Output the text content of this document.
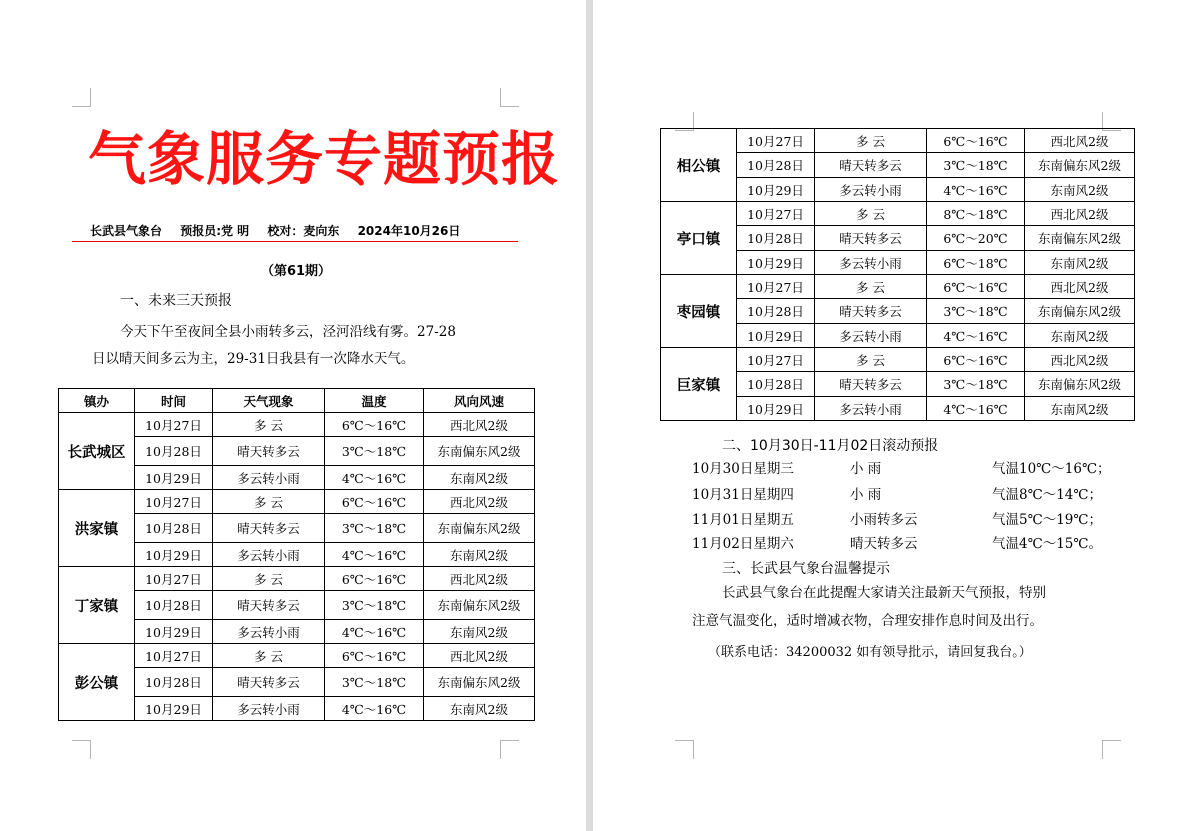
气象服务专题预报
长武县气象台 预报员:党 明 校对：麦向东 2024年10月26日
（第61期）
一、未来三天预报
今天下午至夜间全县小雨转多云，泾河沿线有雾。27-28
日以晴天间多云为主，29-31日我县有一次降水天气。
镇办	时间	天气现象	温度	风向风速
长武城区	10月27日	多 云	6℃～16℃	西北风2级
	10月28日	晴天转多云	3℃～18℃	东南偏东风2级
	10月29日	多云转小雨	4℃～16℃	东南风2级
洪家镇	10月27日	多 云	6℃～16℃	西北风2级
	10月28日	晴天转多云	3℃～18℃	东南偏东风2级
	10月29日	多云转小雨	4℃～16℃	东南风2级
丁家镇	10月27日	多 云	6℃～16℃	西北风2级
	10月28日	晴天转多云	3℃～18℃	东南偏东风2级
	10月29日	多云转小雨	4℃～16℃	东南风2级
彭公镇	10月27日	多 云	6℃～16℃	西北风2级
	10月28日	晴天转多云	3℃～18℃	东南偏东风2级
	10月29日	多云转小雨	4℃～16℃	东南风2级
相公镇	10月27日	多 云	6℃～16℃	西北风2级
	10月28日	晴天转多云	3℃～18℃	东南偏东风2级
	10月29日	多云转小雨	4℃～16℃	东南风2级
亭口镇	10月27日	多 云	8℃～18℃	西北风2级
	10月28日	晴天转多云	6℃～20℃	东南偏东风2级
	10月29日	多云转小雨	6℃～18℃	东南风2级
枣园镇	10月27日	多 云	6℃～16℃	西北风2级
	10月28日	晴天转多云	3℃～18℃	东南偏东风2级
	10月29日	多云转小雨	4℃～16℃	东南风2级
巨家镇	10月27日	多 云	6℃～16℃	西北风2级
	10月28日	晴天转多云	3℃～18℃	东南偏东风2级
	10月29日	多云转小雨	4℃～16℃	东南风2级
二、10月30日-11月02日滚动预报
10月30日星期三	小 雨	气温10℃～16℃；
10月31日星期四	小 雨	气温8℃～14℃；
11月01日星期五	小雨转多云	气温5℃～19℃；
11月02日星期六	晴天转多云	气温4℃～15℃。
三、长武县气象台温馨提示
长武县气象台在此提醒大家请关注最新天气预报，特别
注意气温变化，适时增减衣物，合理安排作息时间及出行。
（联系电话：34200032 如有领导批示，请回复我台。）
